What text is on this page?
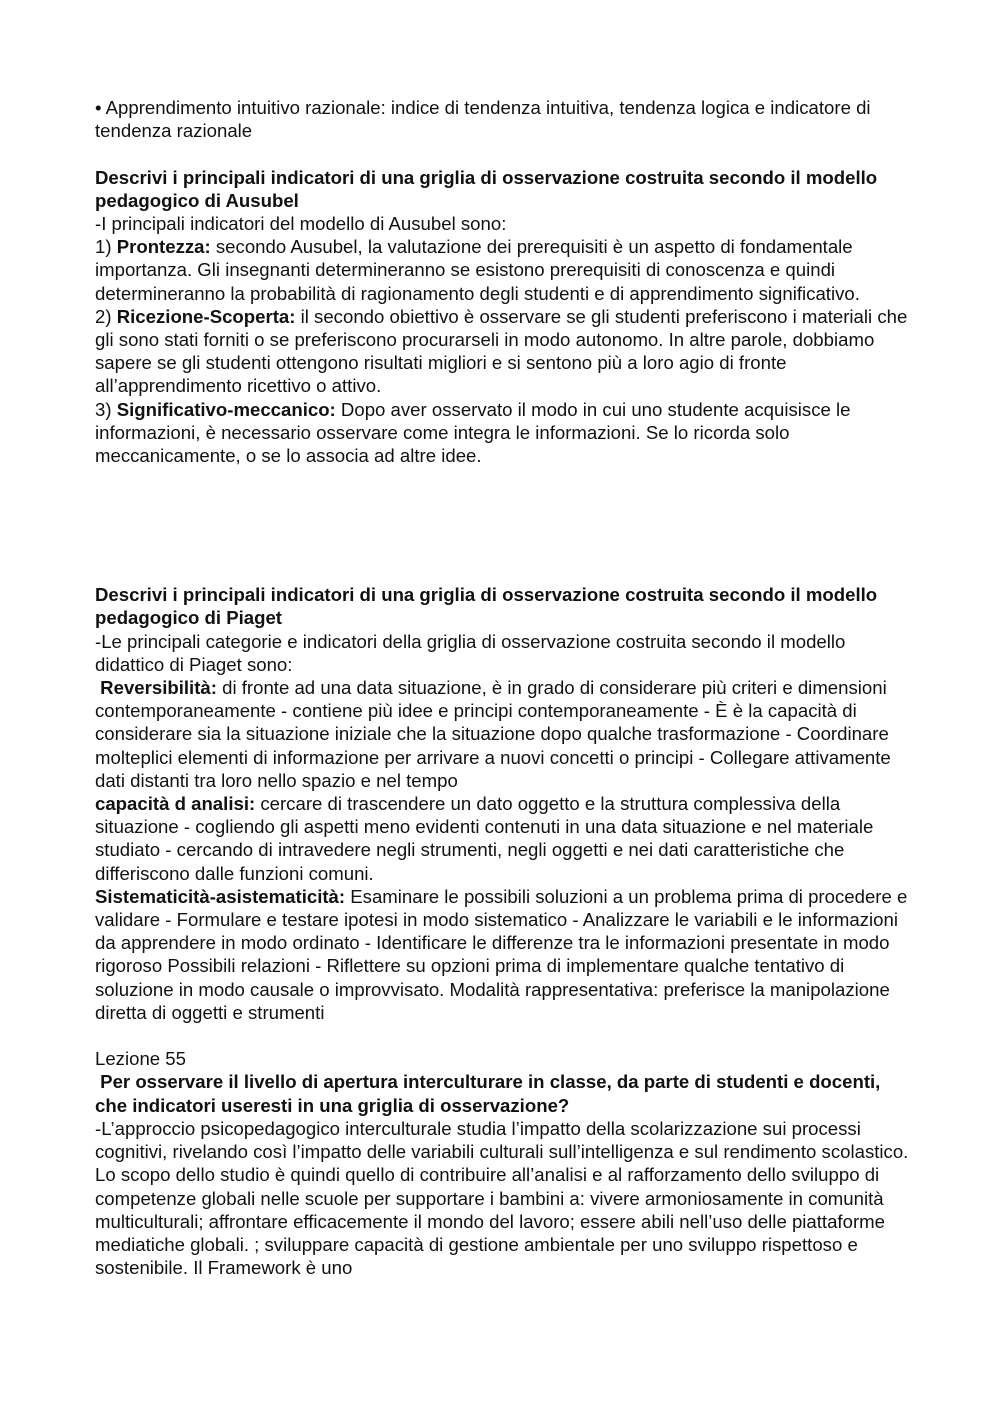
• Apprendimento intuitivo razionale: indice di tendenza intuitiva, tendenza logica e indicatore di tendenza razionale

Descrivi i principali indicatori di una griglia di osservazione costruita secondo il modello pedagogico di Ausubel

-I principali indicatori del modello di Ausubel sono:

1) Prontezza: secondo Ausubel, la valutazione dei prerequisiti è un aspetto di fondamentale importanza. Gli insegnanti determineranno se esistono prerequisiti di conoscenza e quindi determineranno la probabilità di ragionamento degli studenti e di apprendimento significativo.

2) Ricezione-Scoperta: il secondo obiettivo è osservare se gli studenti preferiscono i materiali che gli sono stati forniti o se preferiscono procurarseli in modo autonomo. In altre parole, dobbiamo sapere se gli studenti ottengono risultati migliori e si sentono più a loro agio di fronte all’apprendimento ricettivo o attivo.

3) Significativo-meccanico: Dopo aver osservato il modo in cui uno studente acquisisce le informazioni, è necessario osservare come integra le informazioni. Se lo ricorda solo meccanicamente, o se lo associa ad altre idee.

Descrivi i principali indicatori di una griglia di osservazione costruita secondo il modello pedagogico di Piaget

-Le principali categorie e indicatori della griglia di osservazione costruita secondo il modello didattico di Piaget sono:

Reversibilità: di fronte ad una data situazione, è in grado di considerare più criteri e dimensioni contemporaneamente - contiene più idee e principi contemporaneamente - È è la capacità di considerare sia la situazione iniziale che la situazione dopo qualche trasformazione - Coordinare molteplici elementi di informazione per arrivare a nuovi concetti o principi - Collegare attivamente dati distanti tra loro nello spazio e nel tempo

capacità d analisi: cercare di trascendere un dato oggetto e la struttura complessiva della situazione - cogliendo gli aspetti meno evidenti contenuti in una data situazione e nel materiale studiato - cercando di intravedere negli strumenti, negli oggetti e nei dati caratteristiche che differiscono dalle funzioni comuni.

Sistematicità-asistematicità: Esaminare le possibili soluzioni a un problema prima di procedere e validare - Formulare e testare ipotesi in modo sistematico - Analizzare le variabili e le informazioni da apprendere in modo ordinato - Identificare le differenze tra le informazioni presentate in modo rigoroso Possibili relazioni - Riflettere su opzioni prima di implementare qualche tentativo di soluzione in modo causale o improvvisato. Modalità rappresentativa: preferisce la manipolazione diretta di oggetti e strumenti

Lezione 55

Per osservare il livello di apertura interculturare in classe, da parte di studenti e docenti, che indicatori useresti in una griglia di osservazione?

-L’approccio psicopedagogico interculturale studia l’impatto della scolarizzazione sui processi cognitivi, rivelando così l’impatto delle variabili culturali sull’intelligenza e sul rendimento scolastico. Lo scopo dello studio è quindi quello di contribuire all’analisi e al rafforzamento dello sviluppo di competenze globali nelle scuole per supportare i bambini a: vivere armoniosamente in comunità multiculturali; affrontare efficacemente il mondo del lavoro; essere abili nell’uso delle piattaforme mediatiche globali. ; sviluppare capacità di gestione ambientale per uno sviluppo rispettoso e sostenibile. Il Framework è uno
